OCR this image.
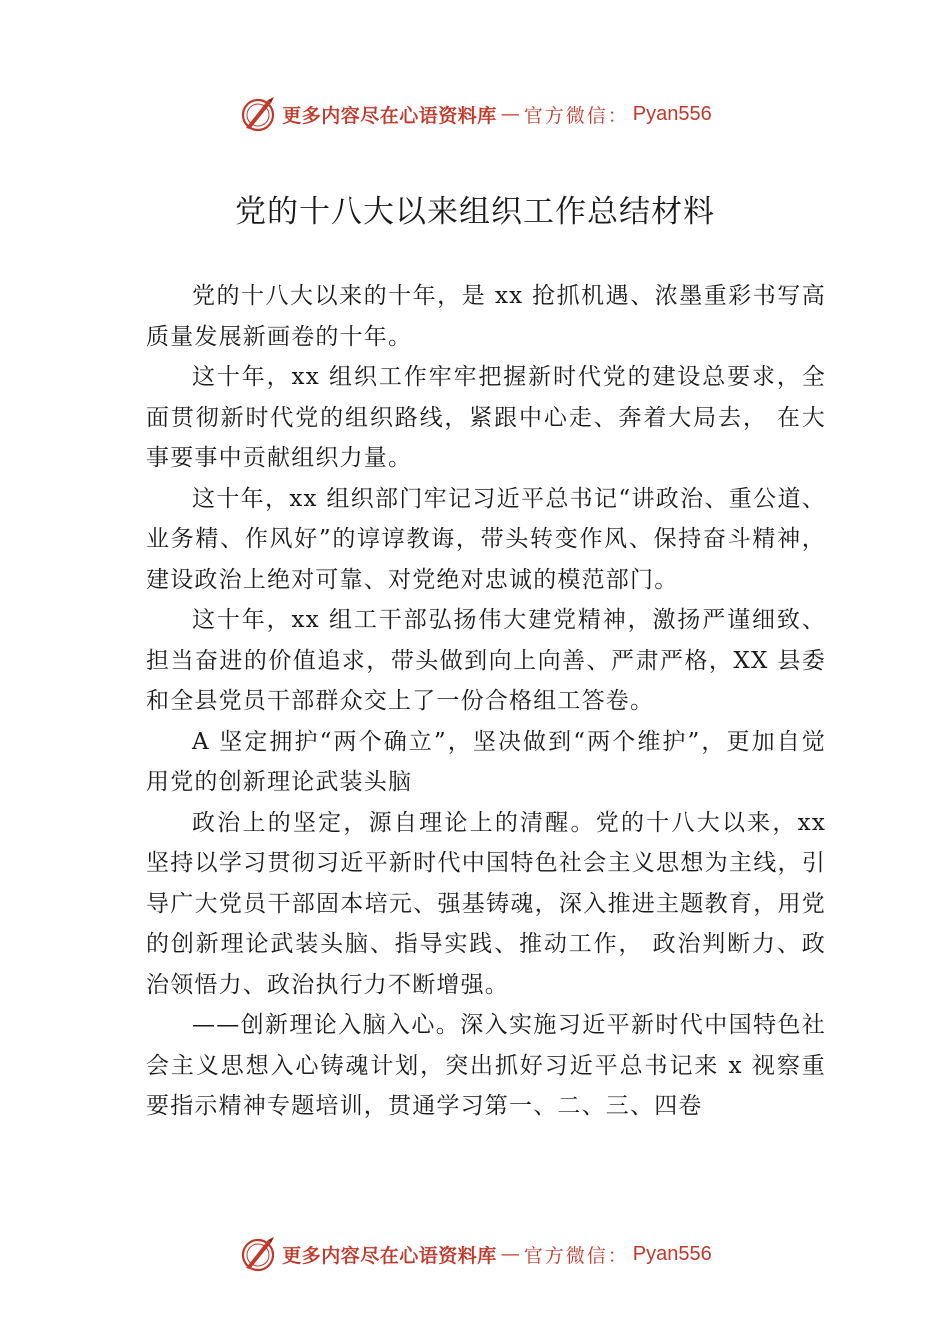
更多内容尽在心语资料库 — 官方微信： Pyan556
党的十八大以来组织工作总结材料

党的十八大以来的十年，是 xx 抢抓机遇、浓墨重彩书写高质量发展新画卷的十年。

这十年，xx 组织工作牢牢把握新时代党的建设总要求，全面贯彻新时代党的组织路线，紧跟中心走、奔着大局去， 在大事要事中贡献组织力量。

这十年，xx 组织部门牢记习近平总书记“讲政治、重公道、业务精、作风好”的谆谆教诲，带头转变作风、保持奋斗精神，建设政治上绝对可靠、对党绝对忠诚的模范部门。

这十年，xx 组工干部弘扬伟大建党精神，激扬严谨细致、担当奋进的价值追求，带头做到向上向善、严肃严格，XX 县委和全县党员干部群众交上了一份合格组工答卷。

A 坚定拥护“两个确立”，坚决做到“两个维护”，更加自觉用党的创新理论武装头脑

政治上的坚定，源自理论上的清醒。党的十八大以来，xx 坚持以学习贯彻习近平新时代中国特色社会主义思想为主线，引导广大党员干部固本培元、强基铸魂，深入推进主题教育，用党的创新理论武装头脑、指导实践、推动工作， 政治判断力、政治领悟力、政治执行力不断增强。

——创新理论入脑入心。深入实施习近平新时代中国特色社会主义思想入心铸魂计划，突出抓好习近平总书记来 x 视察重要指示精神专题培训，贯通学习第一、二、三、四卷

更多内容尽在心语资料库 — 官方微信： Pyan556
